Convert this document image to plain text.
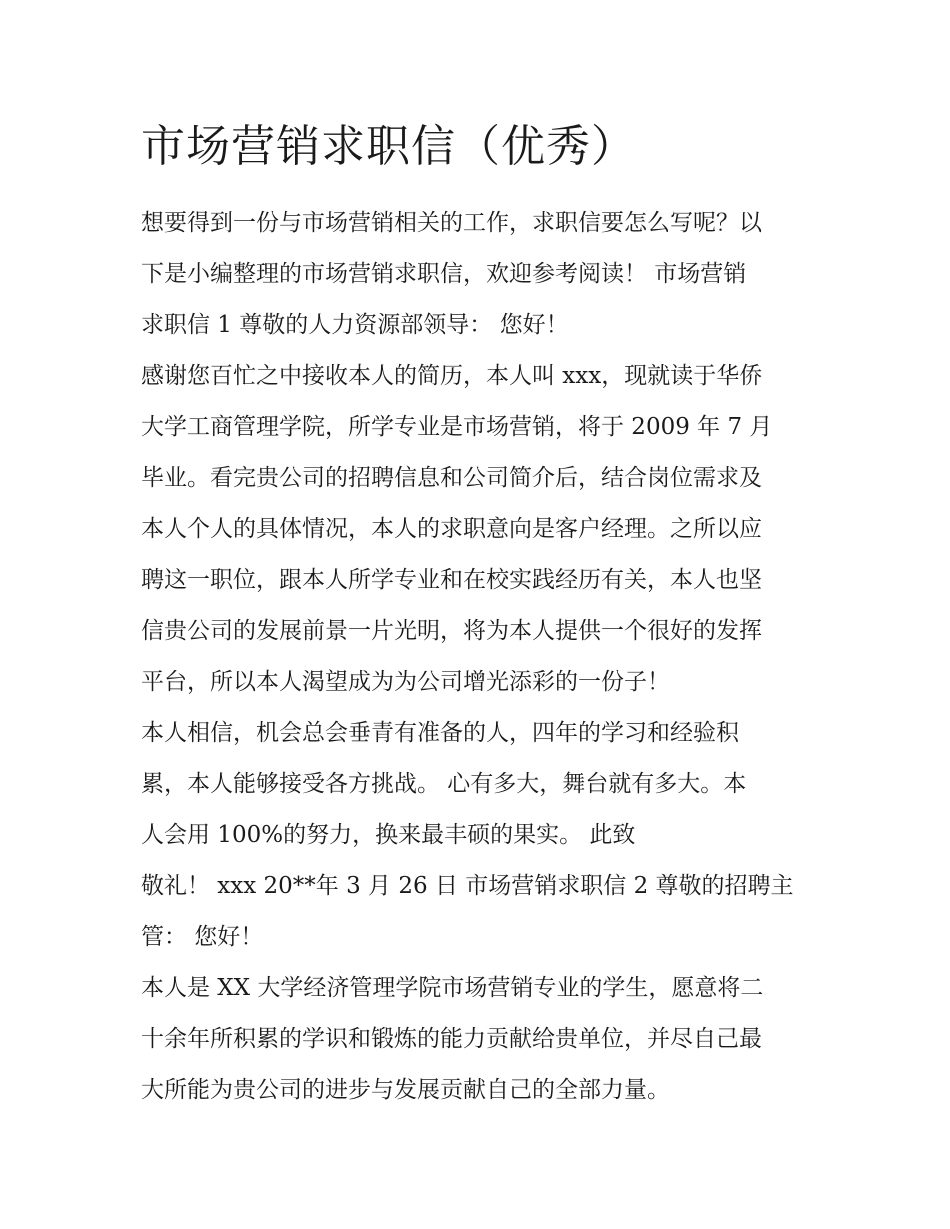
市场营销求职信（优秀）

想要得到一份与市场营销相关的工作，求职信要怎么写呢？以

下是小编整理的市场营销求职信，欢迎参考阅读！ 市场营销

求职信 1 尊敬的人力资源部领导： 您好！

感谢您百忙之中接收本人的简历，本人叫 xxx，现就读于华侨

大学工商管理学院，所学专业是市场营销，将于 2009 年 7 月

毕业。看完贵公司的招聘信息和公司简介后，结合岗位需求及

本人个人的具体情况，本人的求职意向是客户经理。之所以应

聘这一职位，跟本人所学专业和在校实践经历有关，本人也坚

信贵公司的发展前景一片光明，将为本人提供一个很好的发挥

平台，所以本人渴望成为为公司增光添彩的一份子！

本人相信，机会总会垂青有准备的人，四年的学习和经验积

累，本人能够接受各方挑战。 心有多大，舞台就有多大。本

人会用 100%的努力，换来最丰硕的果实。 此致

敬礼！ xxx 20**年 3 月 26 日 市场营销求职信 2 尊敬的招聘主

管： 您好！

本人是 XX 大学经济管理学院市场营销专业的学生，愿意将二

十余年所积累的学识和锻炼的能力贡献给贵单位，并尽自己最

大所能为贵公司的进步与发展贡献自己的全部力量。
